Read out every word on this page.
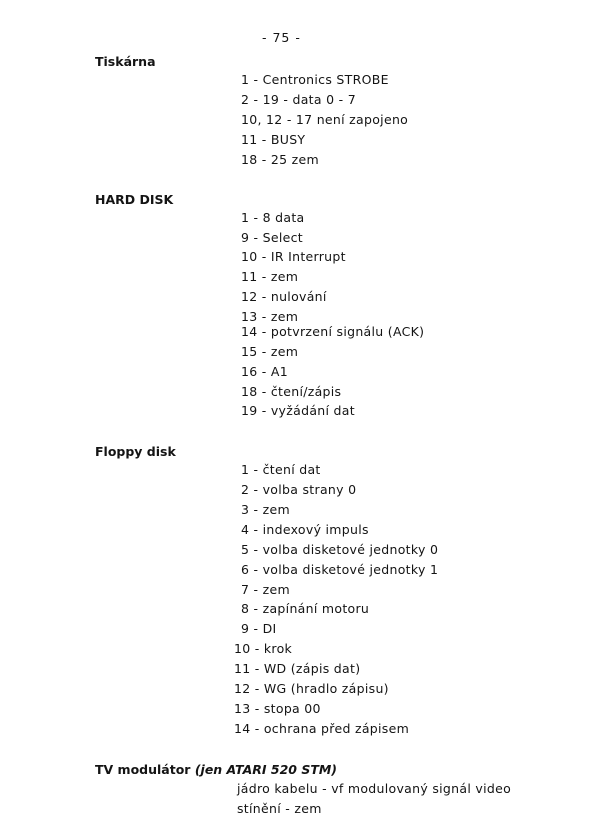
- 75 -
Tiskárna
1 - Centronics STROBE
2 - 19 - data 0 - 7
10, 12 - 17 není zapojeno
11 - BUSY
18 - 25 zem
HARD DISK
1 - 8 data
9 - Select
10 - IR Interrupt
11 - zem
12 - nulování
13 - zem
14 - potvrzení signálu (ACK)
15 - zem
16 - A1
18 - čtení/zápis
19 - vyžádání dat
Floppy disk
1 - čtení dat
2 - volba strany 0
3 - zem
4 - indexový impuls
5 - volba disketové jednotky 0
6 - volba disketové jednotky 1
7 - zem
8 - zapínání motoru
9 - DI
10 - krok
11 - WD (zápis dat)
12 - WG (hradlo zápisu)
13 - stopa 00
14 - ochrana před zápisem
TV modulátor (jen ATARI 520 STM)
jádro kabelu - vf modulovaný signál video
stínění - zem
